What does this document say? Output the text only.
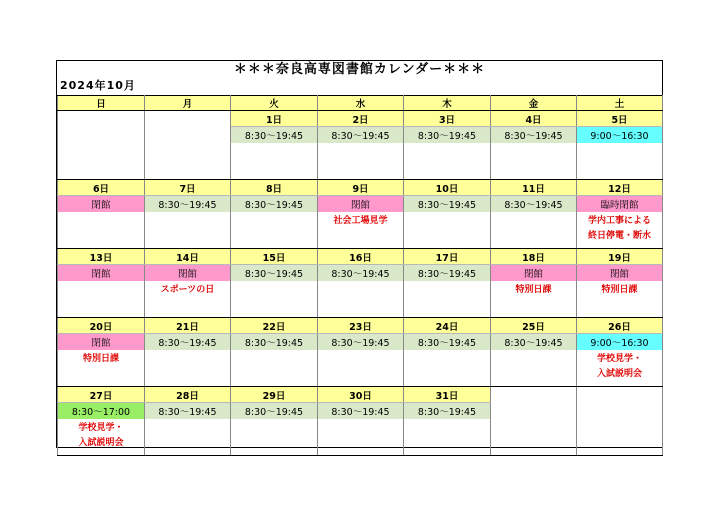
＊＊＊奈良高専図書館カレンダー＊＊＊
2024年10月
日	月	火	水	木	金	土
		1日	2日	3日	4日	5日
		8:30～19:45	8:30～19:45	8:30～19:45	8:30～19:45	9:00～16:30

6日	7日	8日	9日	10日	11日	12日
閉館	8:30～19:45	8:30～19:45	閉館	8:30～19:45	8:30～19:45	臨時閉館

			社会工場見学			学内工事による
終日停電・断水

13日	14日	15日	16日	17日	18日	19日
閉館	閉館	8:30～19:45	8:30～19:45	8:30～19:45	閉館	閉館

	スポーツの日				特別日課	特別日課

20日	21日	22日	23日	24日	25日	26日
閉館	8:30～19:45	8:30～19:45	8:30～19:45	8:30～19:45	8:30～19:45	9:00～16:30

特別日課						学校見学・
入試説明会

27日	28日	29日	30日	31日		
8:30～17:00	8:30～19:45	8:30～19:45	8:30～19:45	8:30～19:45		

学校見学・
入試説明会						
